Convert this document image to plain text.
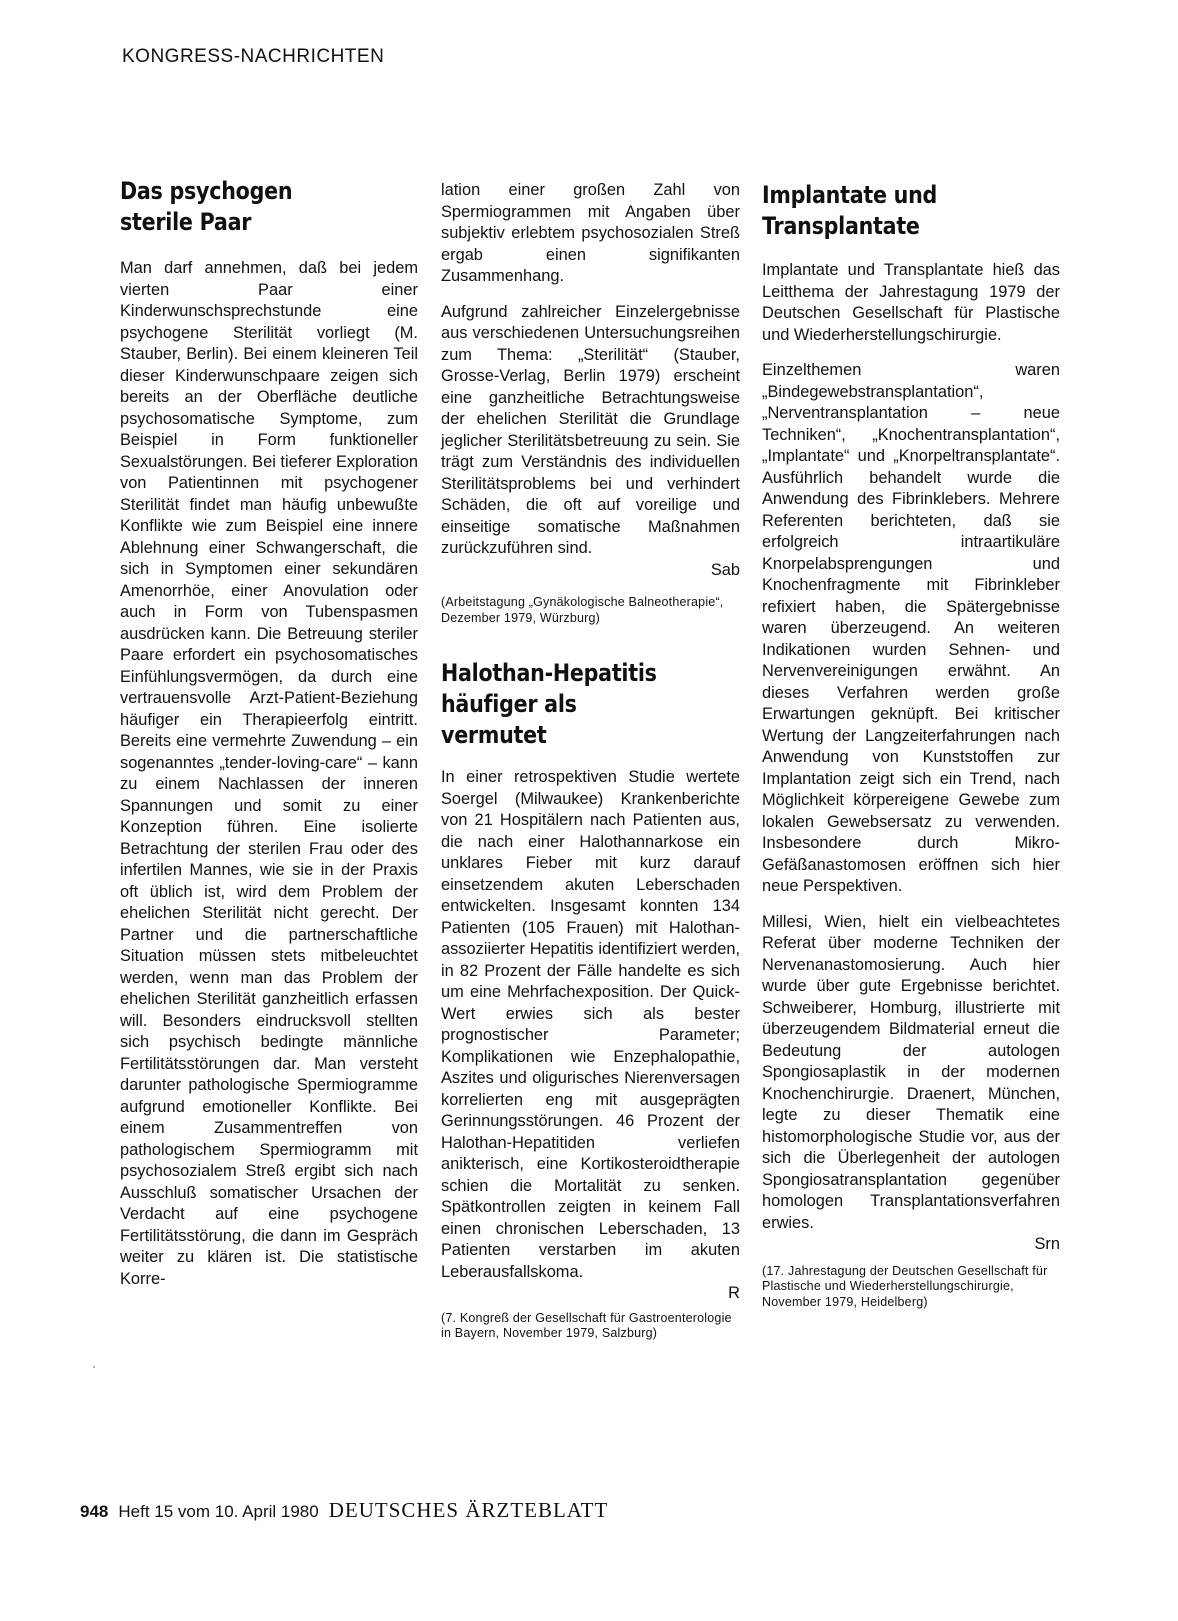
KONGRESS-NACHRICHTEN
Das psychogen sterile Paar

Man darf annehmen, daß bei jedem vierten Paar einer Kinderwunschsprechstunde eine psychogene Sterilität vorliegt (M. Stauber, Berlin). Bei einem kleineren Teil dieser Kinderwunschpaare zeigen sich bereits an der Oberfläche deutliche psychosomatische Symptome, zum Beispiel in Form funktioneller Sexualstörungen. Bei tieferer Exploration von Patientinnen mit psychogener Sterilität findet man häufig unbewußte Konflikte wie zum Beispiel eine innere Ablehnung einer Schwangerschaft, die sich in Symptomen einer sekundären Amenorrhöe, einer Anovulation oder auch in Form von Tubenspasmen ausdrücken kann. Die Betreuung steriler Paare erfordert ein psychosomatisches Einfühlungsvermögen, da durch eine vertrauensvolle Arzt-Patient-Beziehung häufiger ein Therapieerfolg eintritt. Bereits eine vermehrte Zuwendung – ein sogenanntes „tender-loving-care“ – kann zu einem Nachlassen der inneren Spannungen und somit zu einer Konzeption führen. Eine isolierte Betrachtung der sterilen Frau oder des infertilen Mannes, wie sie in der Praxis oft üblich ist, wird dem Problem der ehelichen Sterilität nicht gerecht. Der Partner und die partnerschaftliche Situation müssen stets mitbeleuchtet werden, wenn man das Problem der ehelichen Sterilität ganzheitlich erfassen will. Besonders eindrucksvoll stellten sich psychisch bedingte männliche Fertilitätsstörungen dar. Man versteht darunter pathologische Spermiogramme aufgrund emotioneller Konflikte. Bei einem Zusammentreffen von pathologischem Spermiogramm mit psychosozialem Streß ergibt sich nach Ausschluß somatischer Ursachen der Verdacht auf eine psychogene Fertilitätsstörung, die dann im Gespräch weiter zu klären ist. Die statistische Korre-

lation einer großen Zahl von Spermiogrammen mit Angaben über subjektiv erlebtem psychosozialen Streß ergab einen signifikanten Zusammenhang.

Aufgrund zahlreicher Einzelergebnisse aus verschiedenen Untersuchungsreihen zum Thema: „Sterilität“ (Stauber, Grosse-Verlag, Berlin 1979) erscheint eine ganzheitliche Betrachtungsweise der ehelichen Sterilität die Grundlage jeglicher Sterilitätsbetreuung zu sein. Sie trägt zum Verständnis des individuellen Sterilitätsproblems bei und verhindert Schäden, die oft auf voreilige und einseitige somatische Maßnahmen zurückzuführen sind.

Sab

(Arbeitstagung „Gynäkologische Balneotherapie“, Dezember 1979, Würzburg)

Halothan-Hepatitis häufiger als vermutet

In einer retrospektiven Studie wertete Soergel (Milwaukee) Krankenberichte von 21 Hospitälern nach Patienten aus, die nach einer Halothannarkose ein unklares Fieber mit kurz darauf einsetzendem akuten Leberschaden entwickelten. Insgesamt konnten 134 Patienten (105 Frauen) mit Halothan-assoziierter Hepatitis identifiziert werden, in 82 Prozent der Fälle handelte es sich um eine Mehrfachexposition. Der Quick-Wert erwies sich als bester prognostischer Parameter; Komplikationen wie Enzephalopathie, Aszites und oligurisches Nierenversagen korrelierten eng mit ausgeprägten Gerinnungsstörungen. 46 Prozent der Halothan-Hepatitiden verliefen anikterisch, eine Kortikosteroidtherapie schien die Mortalität zu senken. Spätkontrollen zeigten in keinem Fall einen chronischen Leberschaden, 13 Patienten verstarben im akuten Leberausfallskoma.

R

(7. Kongreß der Gesellschaft für Gastroenterologie in Bayern, November 1979, Salzburg)

Implantate und Transplantate

Implantate und Transplantate hieß das Leitthema der Jahrestagung 1979 der Deutschen Gesellschaft für Plastische und Wiederherstellungschirurgie.

Einzelthemen waren „Bindegewebstransplantation“, „Nerventransplantation – neue Techniken“, „Knochentransplantation“, „Implantate“ und „Knorpeltransplantate“. Ausführlich behandelt wurde die Anwendung des Fibrinklebers. Mehrere Referenten berichteten, daß sie erfolgreich intraartikuläre Knorpelabsprengungen und Knochenfragmente mit Fibrinkleber refixiert haben, die Spätergebnisse waren überzeugend. An weiteren Indikationen wurden Sehnen- und Nervenvereinigungen erwähnt. An dieses Verfahren werden große Erwartungen geknüpft. Bei kritischer Wertung der Langzeiterfahrungen nach Anwendung von Kunststoffen zur Implantation zeigt sich ein Trend, nach Möglichkeit körpereigene Gewebe zum lokalen Gewebsersatz zu verwenden. Insbesondere durch Mikro-Gefäßanastomosen eröffnen sich hier neue Perspektiven.

Millesi, Wien, hielt ein vielbeachtetes Referat über moderne Techniken der Nervenanastomosierung. Auch hier wurde über gute Ergebnisse berichtet. Schweiberer, Homburg, illustrierte mit überzeugendem Bildmaterial erneut die Bedeutung der autologen Spongiosaplastik in der modernen Knochenchirurgie. Draenert, München, legte zu dieser Thematik eine histomorphologische Studie vor, aus der sich die Überlegenheit der autologen Spongiosatransplantation gegenüber homologen Transplantationsverfahren erwies.

Srn

(17. Jahrestagung der Deutschen Gesellschaft für Plastische und Wiederherstellungschirurgie, November 1979, Heidelberg)

948 Heft 15 vom 10. April 1980 DEUTSCHES ÄRZTEBLATT
